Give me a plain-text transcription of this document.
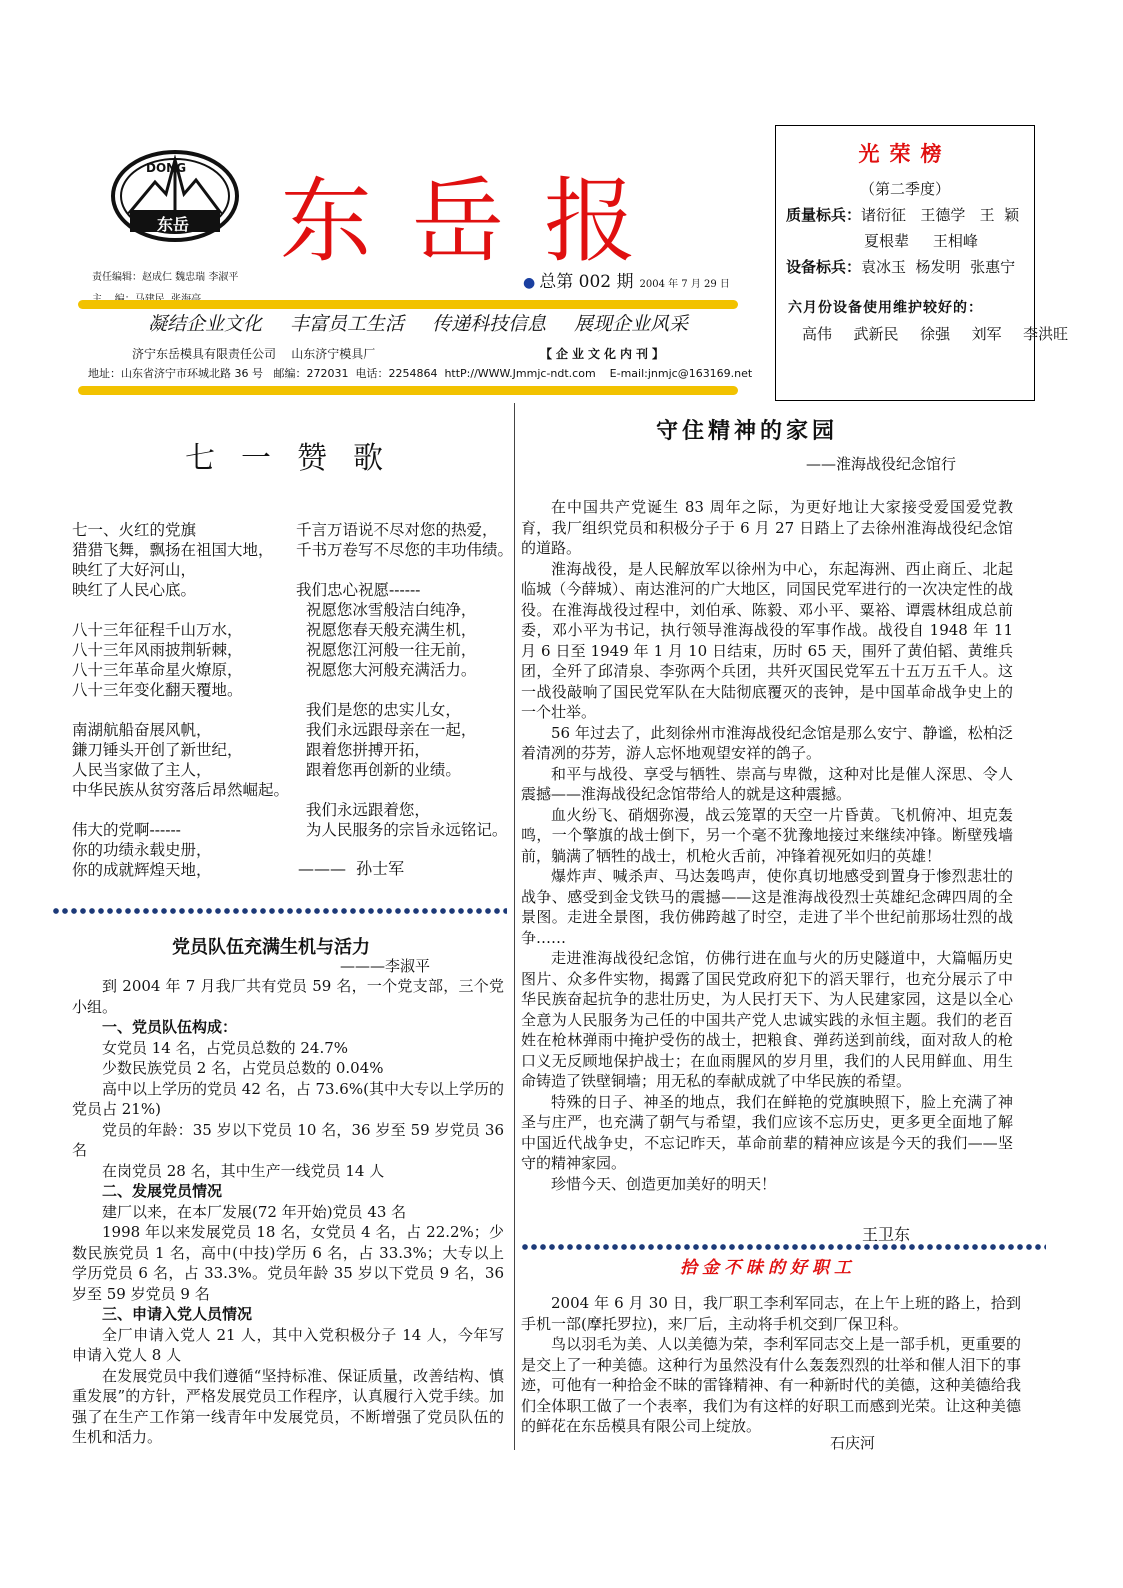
DONG
东岳 东岳报
责任编辑：赵成仁 魏忠瑞 李淑平	● 总第 002 期 2004 年 7 月 29 日
凝结企业文化 丰富员工生活 传递科技信息 展现企业风采
济宁东岳模具有限责任公司    山东济宁模具厂	【企业文化内刊】
地址：山东省济宁市环城北路 36 号   邮编：272031  电话：2254864  httP://WWW.Jmmjc-ndt.com    E-mail:jnmjc@163169.net
光荣榜
（第二季度）
质量标兵：诸衍征   王德学   王  颖
夏根辈     王相峰
设备标兵：袁冰玉  杨发明  张惠宁
六月份设备使用维护较好的：
高伟  武新民  徐强  刘军  李洪旺
七一赞歌
七一、火红的党旗
猎猎飞舞，飘扬在祖国大地，
映红了大好河山，
映红了人民心底。

八十三年征程千山万水，
八十三年风雨披荆斩棘，
八十三年革命星火燎原，
八十三年变化翻天覆地。

南湖航船奋展风帆，
鎌刀锤头开创了新世纪，
人民当家做了主人，
中华民族从贫穷落后昂然崛起。

伟大的党啊------
你的功绩永载史册，
你的成就辉煌天地，
千言万语说不尽对您的热爱，
千书万卷写不尽您的丰功伟绩。

我们忠心祝愿------
祝愿您冰雪般洁白纯净，
祝愿您春天般充满生机，
祝愿您江河般一往无前，
祝愿您大河般充满活力。

我们是您的忠实儿女，
我们永远跟母亲在一起，
跟着您拼搏开拓，
跟着您再创新的业绩。

我们永远跟着您，
为人民服务的宗旨永远铭记。
———  孙士军
党员队伍充满生机与活力
———李淑平

到 2004 年 7 月我厂共有党员 59 名，一个党支部，三个党小组。

一、党员队伍构成：

女党员 14 名，占党员总数的 24.7%

少数民族党员 2 名，占党员总数的 0.04%

高中以上学历的党员 42 名，占 73.6%(其中大专以上学历的党员占 21%)

党员的年龄：35 岁以下党员 10 名，36 岁至 59 岁党员 36 名

在岗党员 28 名，其中生产一线党员 14 人

二、发展党员情况

建厂以来，在本厂发展(72 年开始)党员 43 名

1998 年以来发展党员 18 名，女党员 4 名，占 22.2%；少数民族党员 1 名，高中(中技)学历 6 名，占 33.3%；大专以上学历党员 6 名，占 33.3%。党员年龄 35 岁以下党员 9 名，36 岁至 59 岁党员 9 名

三、申请入党人员情况

全厂申请入党人 21 人，其中入党积极分子 14 人，今年写申请入党人 8 人

在发展党员中我们遵循“坚持标准、保证质量，改善结构、慎重发展”的方针，严格发展党员工作程序，认真履行入党手续。加强了在生产工作第一线青年中发展党员，不断增强了党员队伍的生机和活力。

守住精神的家园
——淮海战役纪念馆行

在中国共产党诞生 83 周年之际，为更好地让大家接受爱国爱党教育，我厂组织党员和积极分子于 6 月 27 日踏上了去徐州淮海战役纪念馆的道路。

淮海战役，是人民解放军以徐州为中心，东起海洲、西止商丘、北起临城（今薛城）、南达淮河的广大地区，同国民党军进行的一次决定性的战役。在淮海战役过程中，刘伯承、陈毅、邓小平、粟裕、谭震林组成总前委，邓小平为书记，执行领导淮海战役的军事作战。战役自 1948 年 11 月 6 日至 1949 年 1 月 10 日结束，历时 65 天，围歼了黄伯韬、黄维兵团，全歼了邱清泉、李弥两个兵团，共歼灭国民党军五十五万五千人。这一战役敲响了国民党军队在大陆彻底覆灭的丧钟，是中国革命战争史上的一个壮举。

56 年过去了，此刻徐州市淮海战役纪念馆是那么安宁、静谧，松柏泛着清冽的芬芳，游人忘怀地观望安祥的鸽子。

和平与战役、享受与牺牲、崇高与卑微，这种对比是催人深思、令人震撼——淮海战役纪念馆带给人的就是这种震撼。

血火纷飞、硝烟弥漫，战云笼罩的天空一片昏黄。飞机俯冲、坦克轰鸣，一个擎旗的战士倒下，另一个毫不犹豫地接过来继续冲锋。断壁残墙前，躺满了牺牲的战士，机枪火舌前，冲锋着视死如归的英雄！

爆炸声、喊杀声、马达轰鸣声，使你真切地感受到置身于惨烈悲壮的战争、感受到金戈铁马的震撼——这是淮海战役烈士英雄纪念碑四周的全景图。走进全景图，我仿佛跨越了时空，走进了半个世纪前那场壮烈的战争……

走进淮海战役纪念馆，仿佛行进在血与火的历史隧道中，大篇幅历史图片、众多件实物，揭露了国民党政府犯下的滔天罪行，也充分展示了中华民族奋起抗争的悲壮历史，为人民打天下、为人民建家园，这是以全心全意为人民服务为己任的中国共产党人忠诚实践的永恒主题。我们的老百姓在枪林弹雨中掩护受伤的战士，把粮食、弹药送到前线，面对敌人的枪口义无反顾地保护战士；在血雨腥风的岁月里，我们的人民用鲜血、用生命铸造了铁壁铜墙；用无私的奉献成就了中华民族的希望。

特殊的日子、神圣的地点，我们在鲜艳的党旗映照下，脸上充满了神圣与庄严，也充满了朝气与希望，我们应该不忘历史，更多更全面地了解中国近代战争史，不忘记昨天，革命前辈的精神应该是今天的我们——坚守的精神家园。

珍惜今天、创造更加美好的明天！

王卫东
拾金不昧的好职工

2004 年 6 月 30 日，我厂职工李利军同志，在上午上班的路上，拾到手机一部(摩托罗拉)，来厂后，主动将手机交到厂保卫科。

鸟以羽毛为美、人以美德为荣，李利军同志交上是一部手机，更重要的是交上了一种美德。这种行为虽然没有什么轰轰烈烈的壮举和催人泪下的事迹，可他有一种拾金不昧的雷锋精神、有一种新时代的美德，这种美德给我们全体职工做了一个表率，我们为有这样的好职工而感到光荣。让这种美德的鲜花在东岳模具有限公司上绽放。

石庆河
